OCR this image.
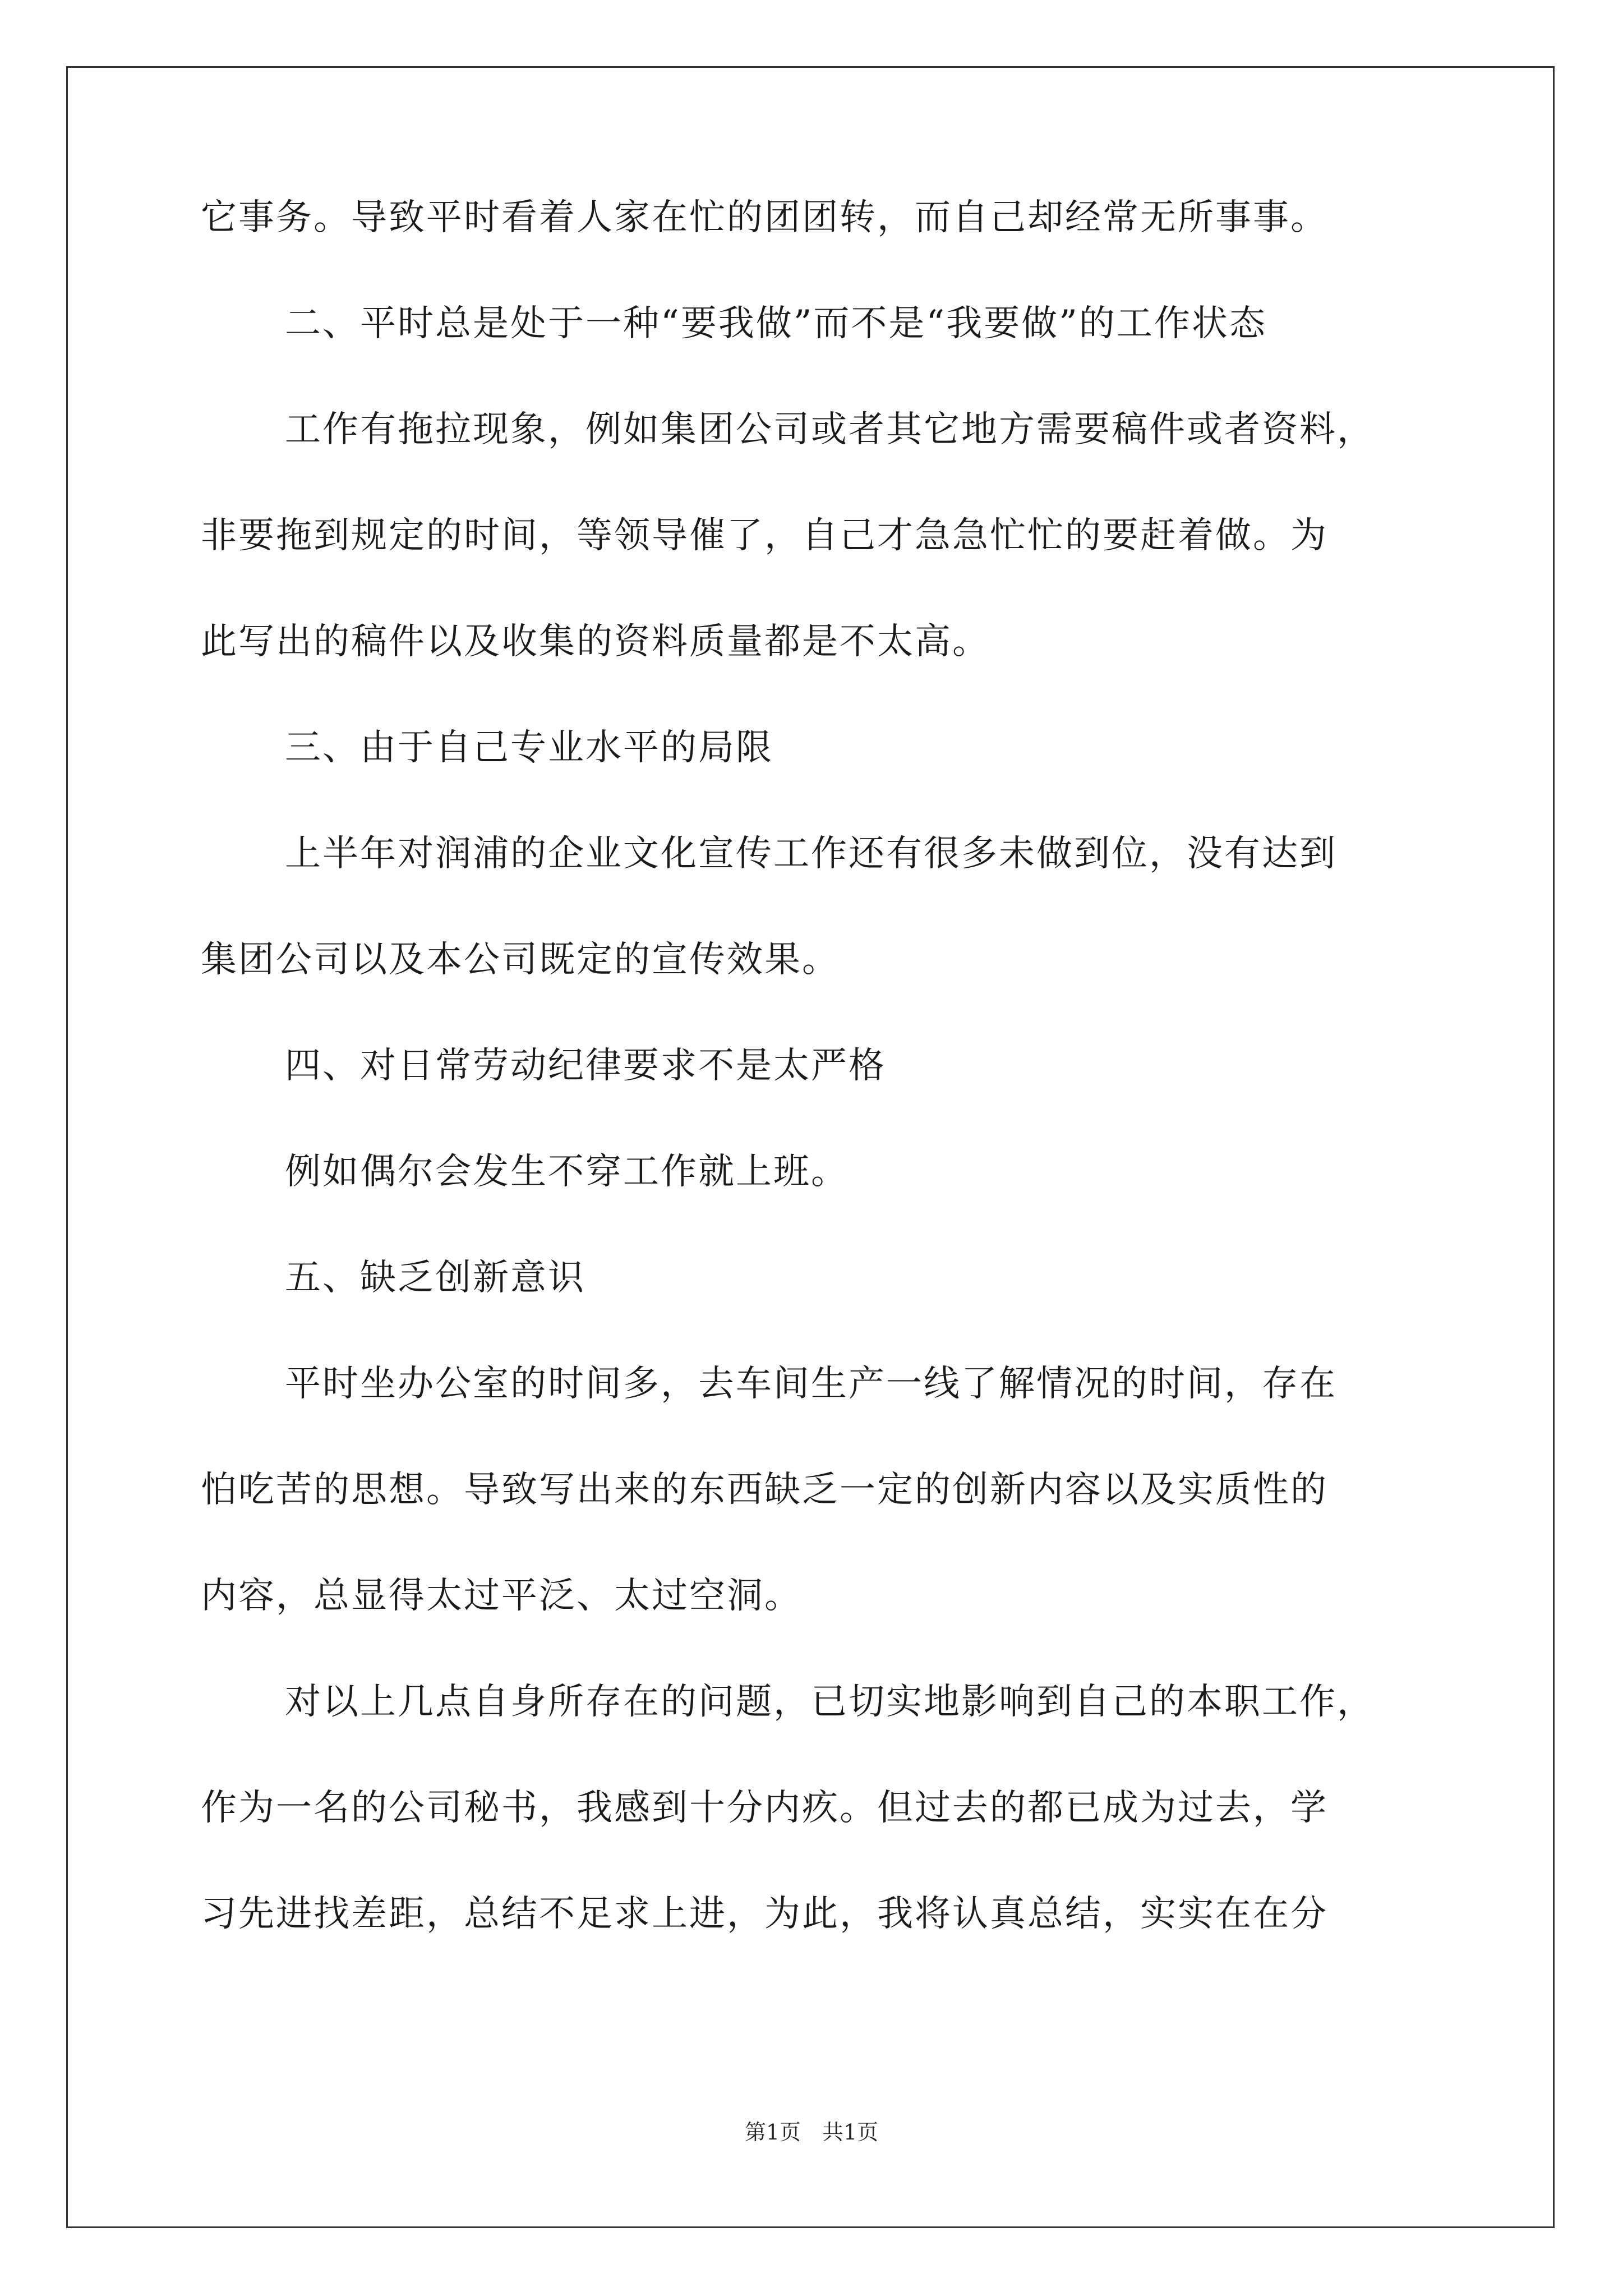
它事务。导致平时看着人家在忙的团团转，而自己却经常无所事事。
二、平时总是处于一种“要我做”而不是“我要做”的工作状态
工作有拖拉现象，例如集团公司或者其它地方需要稿件或者资料，
非要拖到规定的时间，等领导催了，自己才急急忙忙的要赶着做。为
此写出的稿件以及收集的资料质量都是不太高。
三、由于自己专业水平的局限
上半年对润浦的企业文化宣传工作还有很多未做到位，没有达到
集团公司以及本公司既定的宣传效果。
四、对日常劳动纪律要求不是太严格
例如偶尔会发生不穿工作就上班。
五、缺乏创新意识
平时坐办公室的时间多，去车间生产一线了解情况的时间，存在
怕吃苦的思想。导致写出来的东西缺乏一定的创新内容以及实质性的
内容，总显得太过平泛、太过空洞。
对以上几点自身所存在的问题，已切实地影响到自己的本职工作，
作为一名的公司秘书，我感到十分内疚。但过去的都已成为过去，学
习先进找差距，总结不足求上进，为此，我将认真总结，实实在在分
第1页　共1页
